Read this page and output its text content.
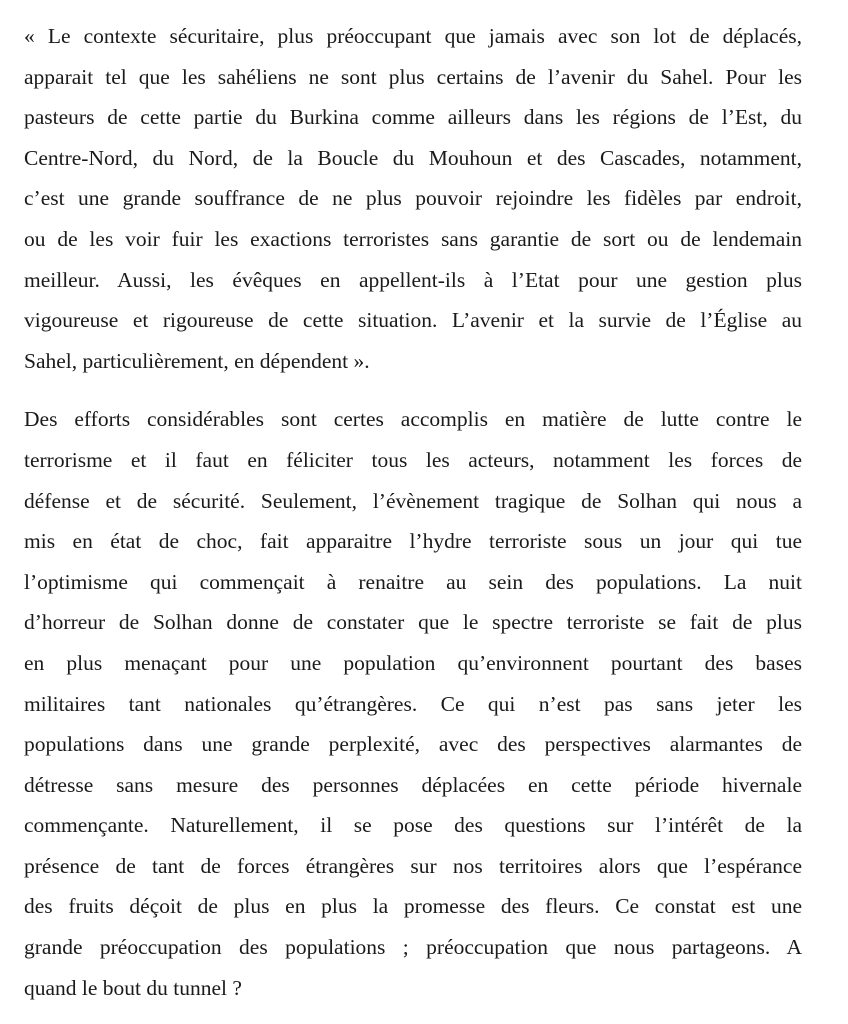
« Le contexte sécuritaire, plus préoccupant que jamais avec son lot de déplacés,
apparait tel que les sahéliens ne sont plus certains de l’avenir du Sahel. Pour les
pasteurs de cette partie du Burkina comme ailleurs dans les régions de l’Est, du
Centre-Nord, du Nord, de la Boucle du Mouhoun et des Cascades, notamment,
c’est une grande souffrance de ne plus pouvoir rejoindre les fidèles par endroit,
ou de les voir fuir les exactions terroristes sans garantie de sort ou de lendemain
meilleur. Aussi, les évêques en appellent-ils à l’Etat pour une gestion plus
vigoureuse et rigoureuse de cette situation. L’avenir et la survie de l’Église au
Sahel, particulièrement, en dépendent ».

Des efforts considérables sont certes accomplis en matière de lutte contre le
terrorisme et il faut en féliciter tous les acteurs, notamment les forces de
défense et de sécurité. Seulement, l’évènement tragique de Solhan qui nous a
mis en état de choc, fait apparaitre l’hydre terroriste sous un jour qui tue
l’optimisme qui commençait à renaitre au sein des populations. La nuit
d’horreur de Solhan donne de constater que le spectre terroriste se fait de plus
en plus menaçant pour une population qu’environnent pourtant des bases
militaires tant nationales qu’étrangères. Ce qui n’est pas sans jeter les
populations dans une grande perplexité, avec des perspectives alarmantes de
détresse sans mesure des personnes déplacées en cette période hivernale
commençante. Naturellement, il se pose des questions sur l’intérêt de la
présence de tant de forces étrangères sur nos territoires alors que l’espérance
des fruits déçoit de plus en plus la promesse des fleurs. Ce constat est une
grande préoccupation des populations ; préoccupation que nous partageons. A
quand le bout du tunnel ?
